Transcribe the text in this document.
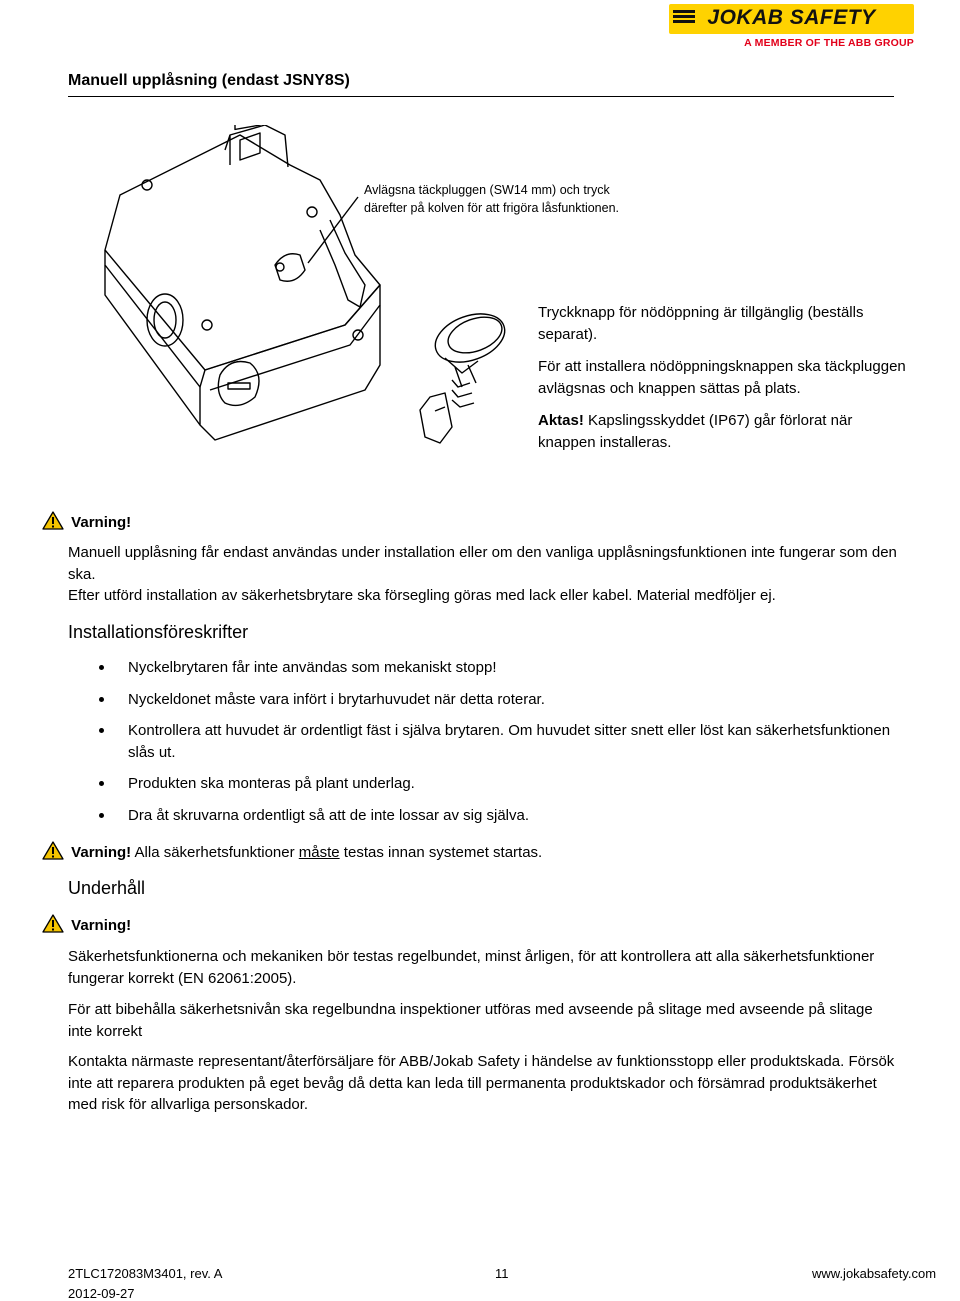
JOKAB SAFETY
A MEMBER OF THE ABB GROUP
Manuell upplåsning (endast JSNY8S)
Avlägsna täckpluggen (SW14 mm) och tryck
därefter på kolven för att frigöra låsfunktionen.

Tryckknapp för nödöppning är tillgänglig (beställs separat).

För att installera nödöppningsknappen ska täckpluggen avlägsnas och knappen sättas på plats.

Aktas! Kapslingsskyddet (IP67) går förlorat när knappen installeras.

Varning!

Manuell upplåsning får endast användas under installation eller om den vanliga upplåsningsfunktionen inte fungerar som den ska.

Efter utförd installation av säkerhetsbrytare ska försegling göras med lack eller kabel. Material medföljer ej.

Installationsföreskrifter
Nyckelbrytaren får inte användas som mekaniskt stopp!
Nyckeldonet måste vara infört i brytarhuvudet när detta roterar.
Kontrollera att huvudet är ordentligt fäst i själva brytaren. Om huvudet sitter snett eller löst kan säkerhetsfunktionen slås ut.
Produkten ska monteras på plant underlag.
Dra åt skruvarna ordentligt så att de inte lossar av sig själva.
Varning! Alla säkerhetsfunktioner måste testas innan systemet startas.
Underhåll
Varning!
Säkerhetsfunktionerna och mekaniken bör testas regelbundet, minst årligen, för att kontrollera att alla säkerhetsfunktioner fungerar korrekt (EN 62061:2005).
För att bibehålla säkerhetsnivån ska regelbundna inspektioner utföras med avseende på slitage med avseende på slitage inte korrekt
Kontakta närmaste representant/återförsäljare för ABB/Jokab Safety i händelse av funktionsstopp eller produktskada. Försök inte att reparera produkten på eget bevåg då detta kan leda till permanenta produktskador och försämrad produktsäkerhet med risk för allvarliga personskador.
2TLC172083M3401, rev. A
2012-09-27
11	www.jokabsafety.com
